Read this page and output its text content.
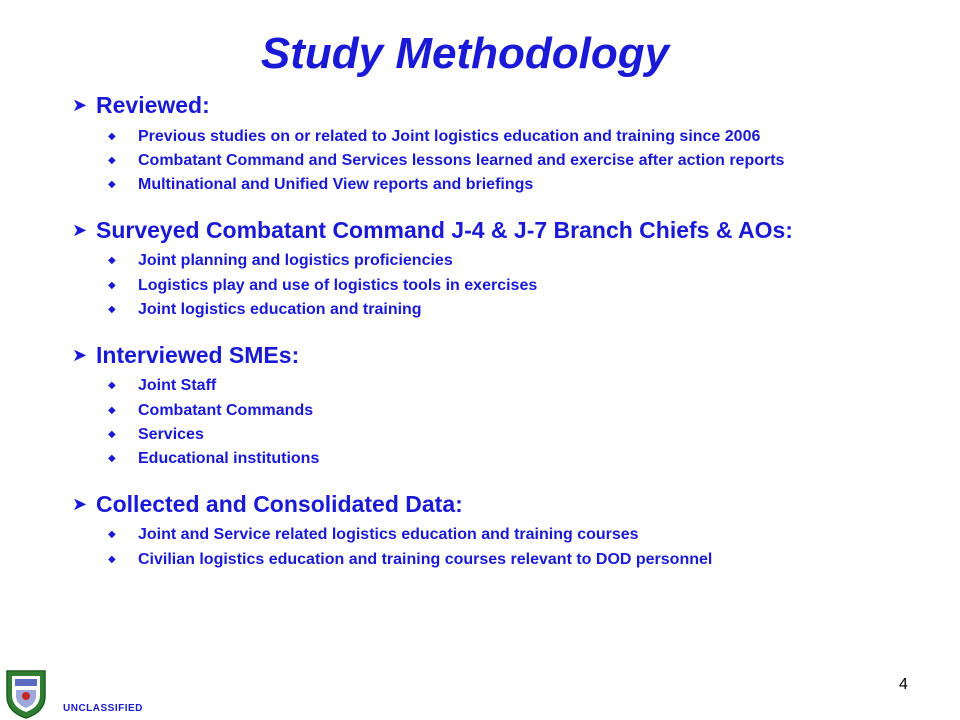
Study Methodology
➤ Reviewed:
◆	Previous studies on or related to Joint logistics education and training since 2006
◆	Combatant Command and Services lessons learned and exercise after action reports
◆	Multinational and Unified View reports and briefings
➤ Surveyed Combatant Command J-4 & J-7 Branch Chiefs & AOs:
◆	Joint planning and logistics proficiencies
◆	Logistics play and use of logistics tools in exercises
◆	Joint logistics education and training
➤ Interviewed SMEs:
◆	Joint Staff
◆	Combatant Commands
◆	Services
◆	Educational institutions
➤ Collected and Consolidated Data:
◆	Joint and Service related logistics education and training courses
◆	Civilian logistics education and training courses relevant to DOD personnel
UNCLASSIFIED
4
